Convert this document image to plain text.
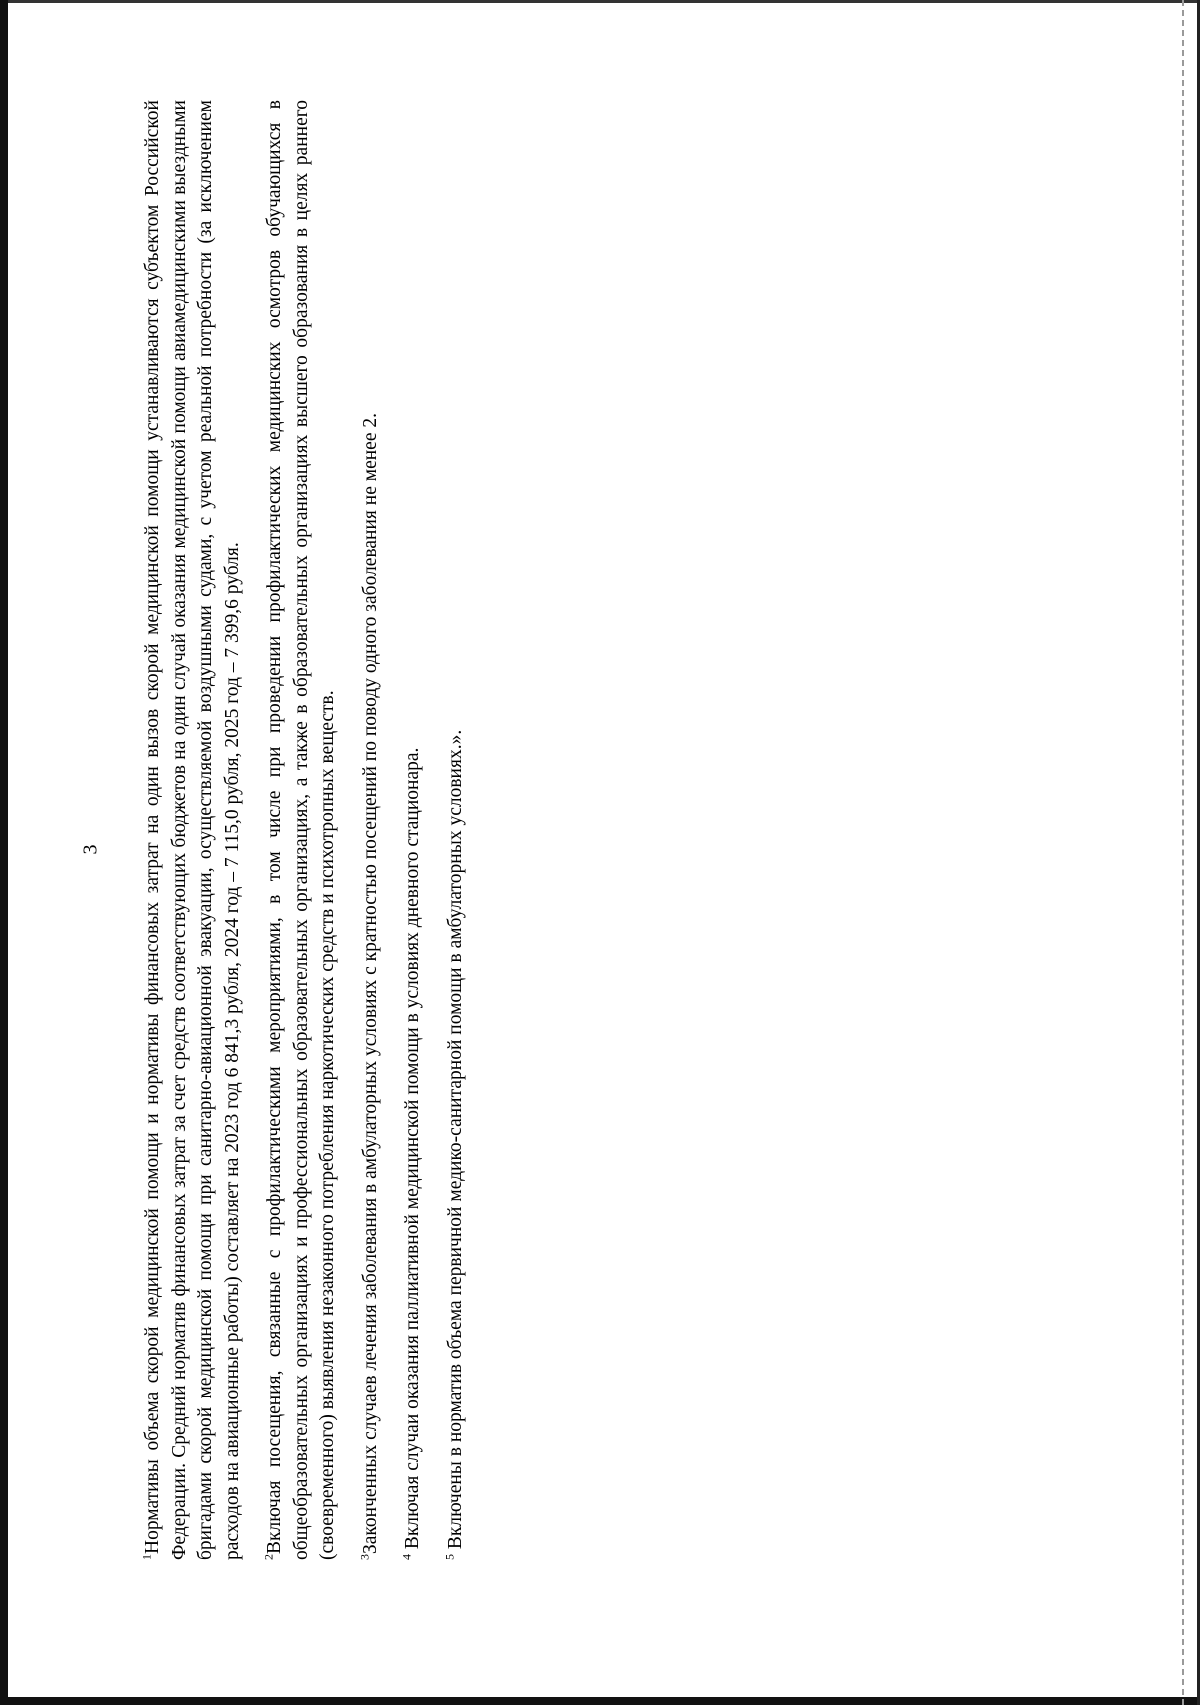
3

$^1$Нормативы объема скорой медицинской помощи и нормативы финансовых затрат на один вызов скорой медицинской помощи устанавливаются субъектом Российской Федерации. Средний норматив финансовых затрат за счет средств соответствующих бюджетов на один случай оказания медицинской помощи авиамедицинскими выездными бригадами скорой медицинской помощи при санитарно-авиационной эвакуации, осуществляемой воздушными судами, с учетом реальной потребности (за исключением расходов на авиационные работы) составляет на 2023 год 6 841,3 рубля, 2024 год – 7 115,0 рубля, 2025 год – 7 399,6 рубля. $^2$Включая посещения, связанные с профилактическими мероприятиями, в том числе при проведении профилактических медицинских осмотров обучающихся в общеобразовательных организациях и профессиональных образовательных организациях, а также в образовательных организациях высшего образования в целях раннего (своевременного) выявления незаконного потребления наркотических средств и психотропных веществ. $^3$Законченных случаев лечения заболевания в амбулаторных условиях с кратностью посещений по поводу одного заболевания не менее 2.

$^4$ Включая случаи оказания паллиативной медицинской помощи в условиях дневного стационара.

$^5$ Включены в норматив объема первичной медико-санитарной помощи в амбулаторных условиях.».
